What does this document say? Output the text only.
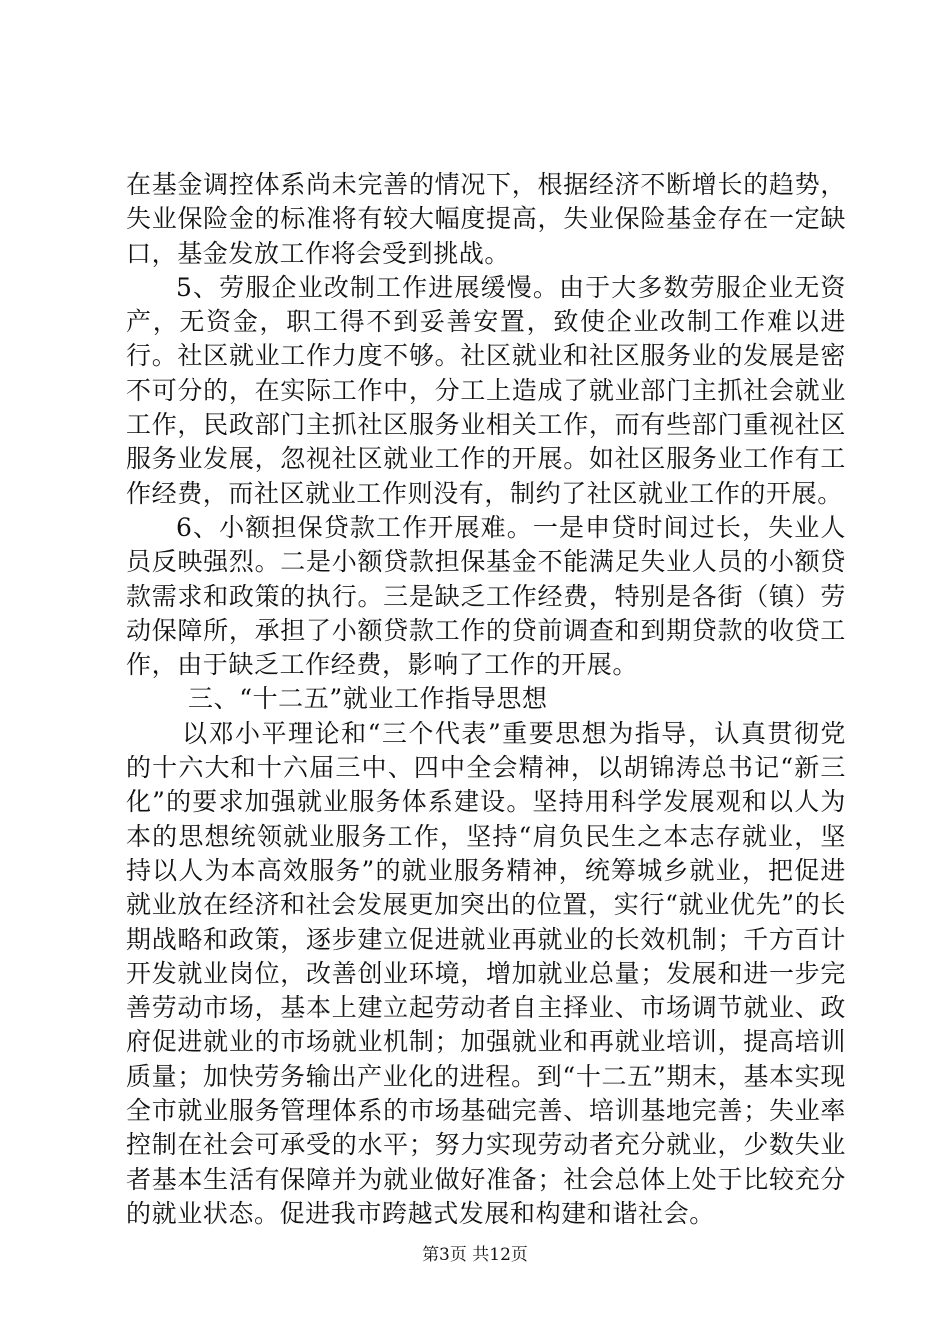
在基金调控体系尚未完善的情况下，根据经济不断增长的趋势，失业保险金的标准将有较大幅度提高，失业保险基金存在一定缺口，基金发放工作将会受到挑战。

5、劳服企业改制工作进展缓慢。由于大多数劳服企业无资产，无资金，职工得不到妥善安置，致使企业改制工作难以进行。社区就业工作力度不够。社区就业和社区服务业的发展是密不可分的，在实际工作中，分工上造成了就业部门主抓社会就业工作，民政部门主抓社区服务业相关工作，而有些部门重视社区服务业发展，忽视社区就业工作的开展。如社区服务业工作有工作经费，而社区就业工作则没有，制约了社区就业工作的开展。

6、小额担保贷款工作开展难。一是申贷时间过长，失业人员反映强烈。二是小额贷款担保基金不能满足失业人员的小额贷款需求和政策的执行。三是缺乏工作经费，特别是各街（镇）劳动保障所，承担了小额贷款工作的贷前调查和到期贷款的收贷工作，由于缺乏工作经费，影响了工作的开展。

三、“十二五”就业工作指导思想

以邓小平理论和“三个代表”重要思想为指导，认真贯彻党的十六大和十六届三中、四中全会精神，以胡锦涛总书记“新三化”的要求加强就业服务体系建设。坚持用科学发展观和以人为本的思想统领就业服务工作，坚持“肩负民生之本志存就业，坚持以人为本高效服务”的就业服务精神，统筹城乡就业，把促进就业放在经济和社会发展更加突出的位置，实行“就业优先”的长期战略和政策，逐步建立促进就业再就业的长效机制；千方百计开发就业岗位，改善创业环境，增加就业总量；发展和进一步完善劳动市场，基本上建立起劳动者自主择业、市场调节就业、政府促进就业的市场就业机制；加强就业和再就业培训，提高培训质量；加快劳务输出产业化的进程。到“十二五”期末，基本实现全市就业服务管理体系的市场基础完善、培训基地完善；失业率控制在社会可承受的水平；努力实现劳动者充分就业，少数失业者基本生活有保障并为就业做好准备；社会总体上处于比较充分的就业状态。促进我市跨越式发展和构建和谐社会。

第3页 共12页
